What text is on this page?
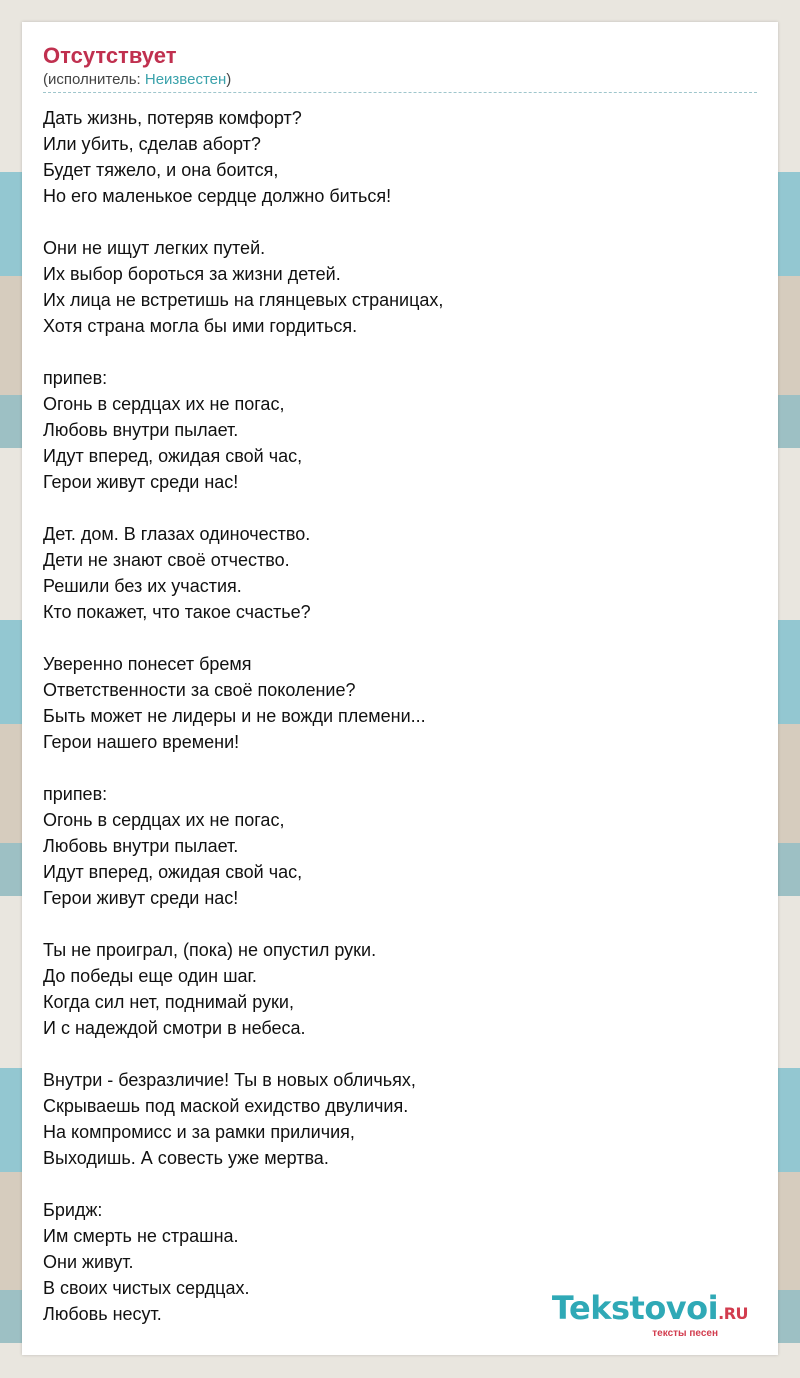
Отсутствует
(исполнитель: Неизвестен)
Дать жизнь, потеряв комфорт?
Или убить, сделав аборт?
Будет тяжело, и она боится,
Но его маленькое сердце должно биться!
Они не ищут легких путей.
Их выбор бороться за жизни детей.
Их лица не встретишь на глянцевых страницах,
Хотя страна могла бы ими гордиться.
припев:
Огонь в сердцах их не погас,
Любовь внутри пылает.
Идут вперед, ожидая свой час,
Герои живут среди нас!
Дет. дом. В глазах одиночество.
Дети не знают своё отчество.
Решили без их участия.
Кто покажет, что такое счастье?
Уверенно понесет бремя
Ответственности за своё поколение?
Быть может не лидеры и не вожди племени...
Герои нашего времени!
припев:
Огонь в сердцах их не погас,
Любовь внутри пылает.
Идут вперед, ожидая свой час,
Герои живут среди нас!
Ты не проиграл, (пока) не опустил руки.
До победы еще один шаг.
Когда сил нет, поднимай руки,
И с надеждой смотри в небеса.
Внутри - безразличие! Ты в новых обличьях,
Скрываешь под маской ехидство двуличия.
На компромисс и за рамки приличия,
Выходишь. А совесть уже мертва.
Бридж:
Им смерть не страшна.
Они живут.
В своих чистых сердцах.
Любовь несут.	Tekstovoi.RU
тексты песен
